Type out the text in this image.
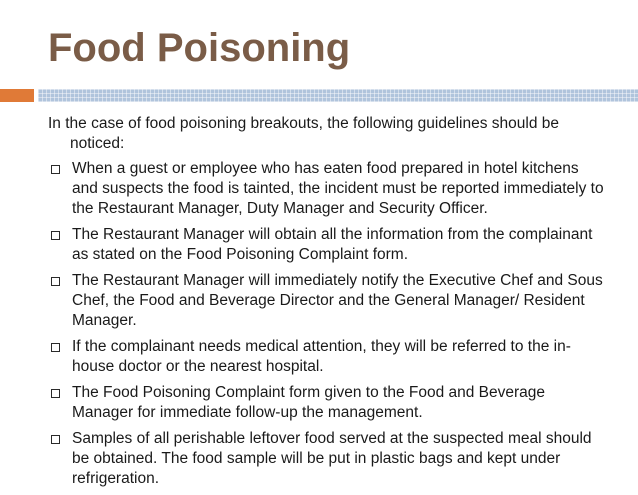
Food Poisoning

In the case of food poisoning breakouts, the following guidelines should be noticed:

When a guest or employee who has eaten food prepared in hotel kitchens and suspects the food is tainted, the incident must be reported immediately to the Restaurant Manager, Duty Manager and Security Officer.
The Restaurant Manager will obtain all the information from the complainant as stated on the Food Poisoning Complaint form.
The Restaurant Manager will immediately notify the Executive Chef and Sous Chef, the Food and Beverage Director and the General Manager/ Resident Manager.
If the complainant needs medical attention, they will be referred to the in-house doctor or the nearest hospital.
The Food Poisoning Complaint form given to the Food and Beverage Manager for immediate follow-up the management.
Samples of all perishable leftover food served at the suspected meal should be obtained. The food sample will be put in plastic bags and kept under refrigeration.
